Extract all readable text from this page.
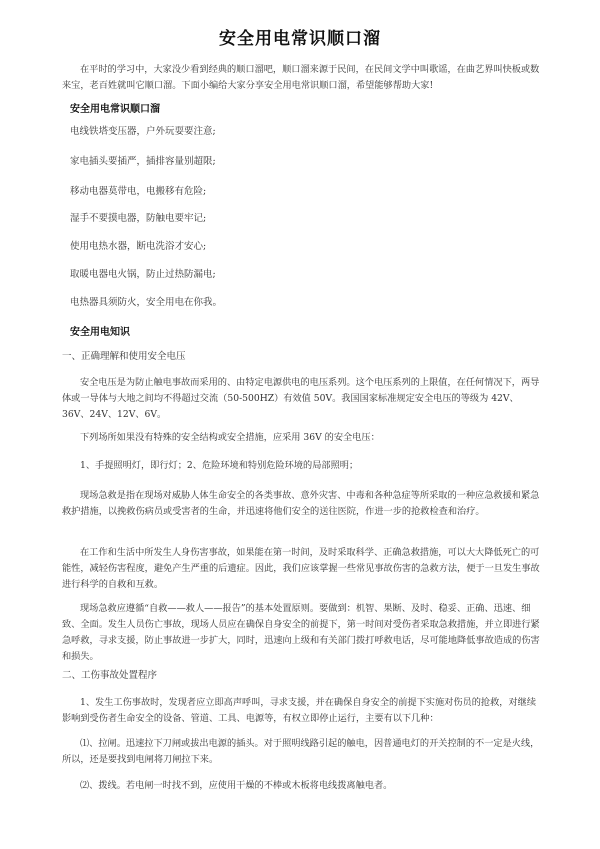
安全用电常识顺口溜
在平时的学习中，大家没少看到经典的顺口溜吧，顺口溜来源于民间，在民间文学中叫歌谣，在曲艺界叫快板或数来宝，老百姓就叫它顺口溜。下面小编给大家分享安全用电常识顺口溜，希望能够帮助大家!
安全用电常识顺口溜
电线铁塔变压器，户外玩耍要注意;
家电插头要插严，插排容量别超限;
移动电器莫带电，电搬移有危险;
湿手不要摸电器，防触电要牢记;
使用电热水器，断电洗浴才安心;
取暖电器电火锅，防止过热防漏电;
电热器具须防火，安全用电在你我。
安全用电知识
一、正确理解和使用安全电压
安全电压是为防止触电事故而采用的、由特定电源供电的电压系列。这个电压系列的上限值，在任何情况下，两导体或一导体与大地之间均不得超过交流（50-500HZ）有效值 50V。我国国家标准规定安全电压的等级为 42V、36V、24V、12V、6V。
下列场所如果没有特殊的安全结构或安全措施，应采用 36V 的安全电压：
1、手提照明灯，即行灯；2、危险环境和特别危险环境的局部照明；
现场急救是指在现场对威胁人体生命安全的各类事故、意外灾害、中毒和各种急症等所采取的一种应急救援和紧急救护措施，以挽救伤病员或受害者的生命，并迅速将他们安全的送往医院，作进一步的抢救检查和治疗。
在工作和生活中所发生人身伤害事故，如果能在第一时间，及时采取科学、正确急救措施，可以大大降低死亡的可能性，减轻伤害程度，避免产生严重的后遗症。因此，我们应该掌握一些常见事故伤害的急救方法，便于一旦发生事故进行科学的自救和互救。
现场急救应遵循“自救——救人——报告”的基本处置原则。要做到：机智、果断、及时、稳妥、正确、迅速、细致、全面。发生人员伤亡事故，现场人员应在确保自身安全的前提下，第一时间对受伤者采取急救措施，并立即进行紧急呼救，寻求支援，防止事故进一步扩大，同时，迅速向上级和有关部门拨打呼救电话，尽可能地降低事故造成的伤害和损失。
二、工伤事故处置程序
1、发生工伤事故时，发现者应立即高声呼叫，寻求支援，并在确保自身安全的前提下实施对伤员的抢救，对继续影响到受伤者生命安全的设备、管道、工具、电源等，有权立即停止运行，主要有以下几种：
⑴、拉闸。迅速拉下刀闸或拔出电源的插头。对于照明线路引起的触电，因普通电灯的开关控制的不一定是火线，所以，还是要找到电闸将刀闸拉下来。
⑵、拨线。若电闸一时找不到，应使用干燥的不棒或木板将电线拨离触电者。
